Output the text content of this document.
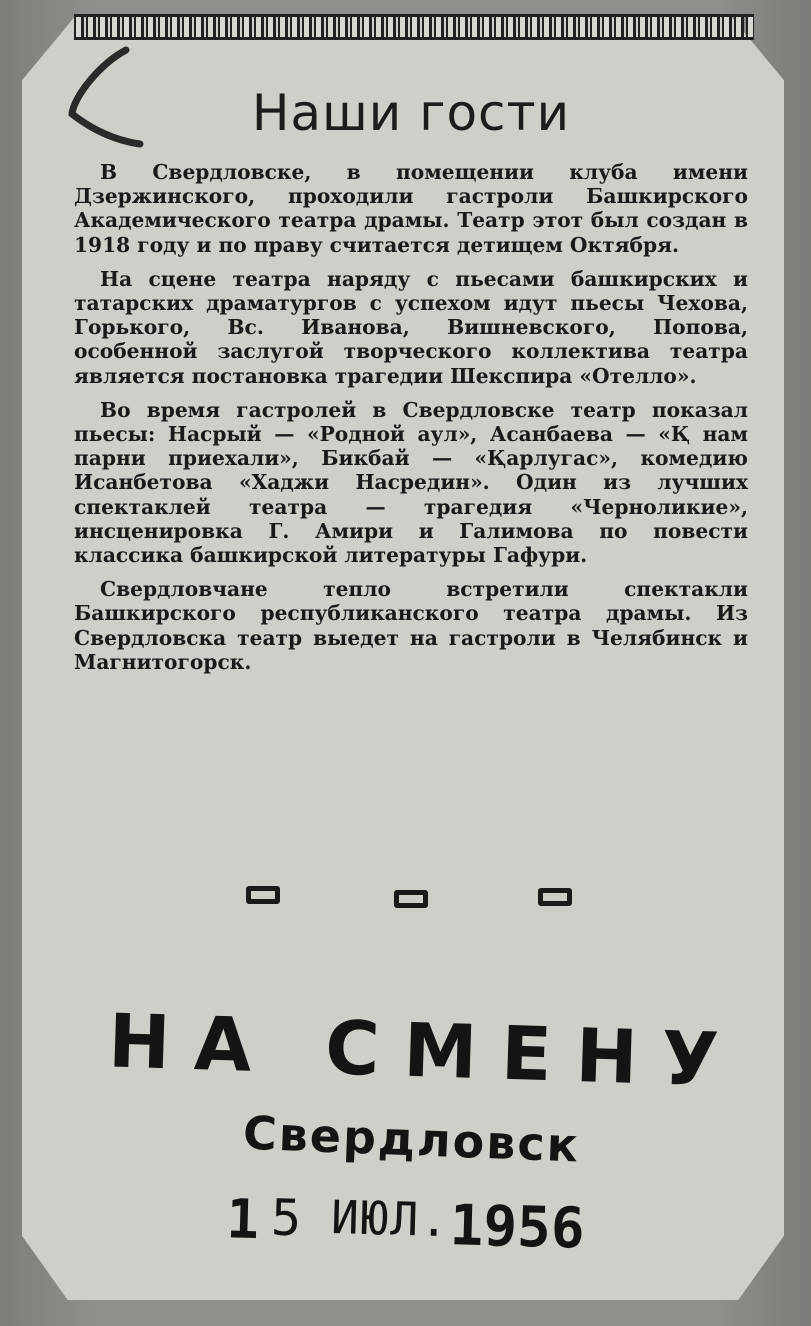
Наши гости

В Свердловске, в помещении клуба имени Дзержинского, проходили гастроли Башкирского Академического театра драмы. Театр этот был создан в 1918 году и по праву считается детищем Октября.

На сцене театра наряду с пьесами башкирских и татарских драматургов с успехом идут пьесы Чехова, Горького, Вс. Иванова, Вишневского, Попова, особенной заслугой творческого коллектива театра является постановка трагедии Шекспира «Отелло».

Во время гастролей в Свердловске театр показал пьесы: Насрый — «Родной аул», Асанбаева — «Қ нам парни приехали», Бикбай — «Қарлугас», комедию Исанбетова «Хаджи Насредин». Один из лучших спектаклей театра — трагедия «Черноликие», инсценировка Г. Амири и Галимова по повести классика башкирской литературы Гафури.

Свердловчане тепло встретили спектакли Башкирского республиканского театра драмы. Из Свердловска театр выедет на гастроли в Челябинск и Магнитогорск.

НА СМЕНУ
Свердловск
1 5 ИЮЛ.
1956
